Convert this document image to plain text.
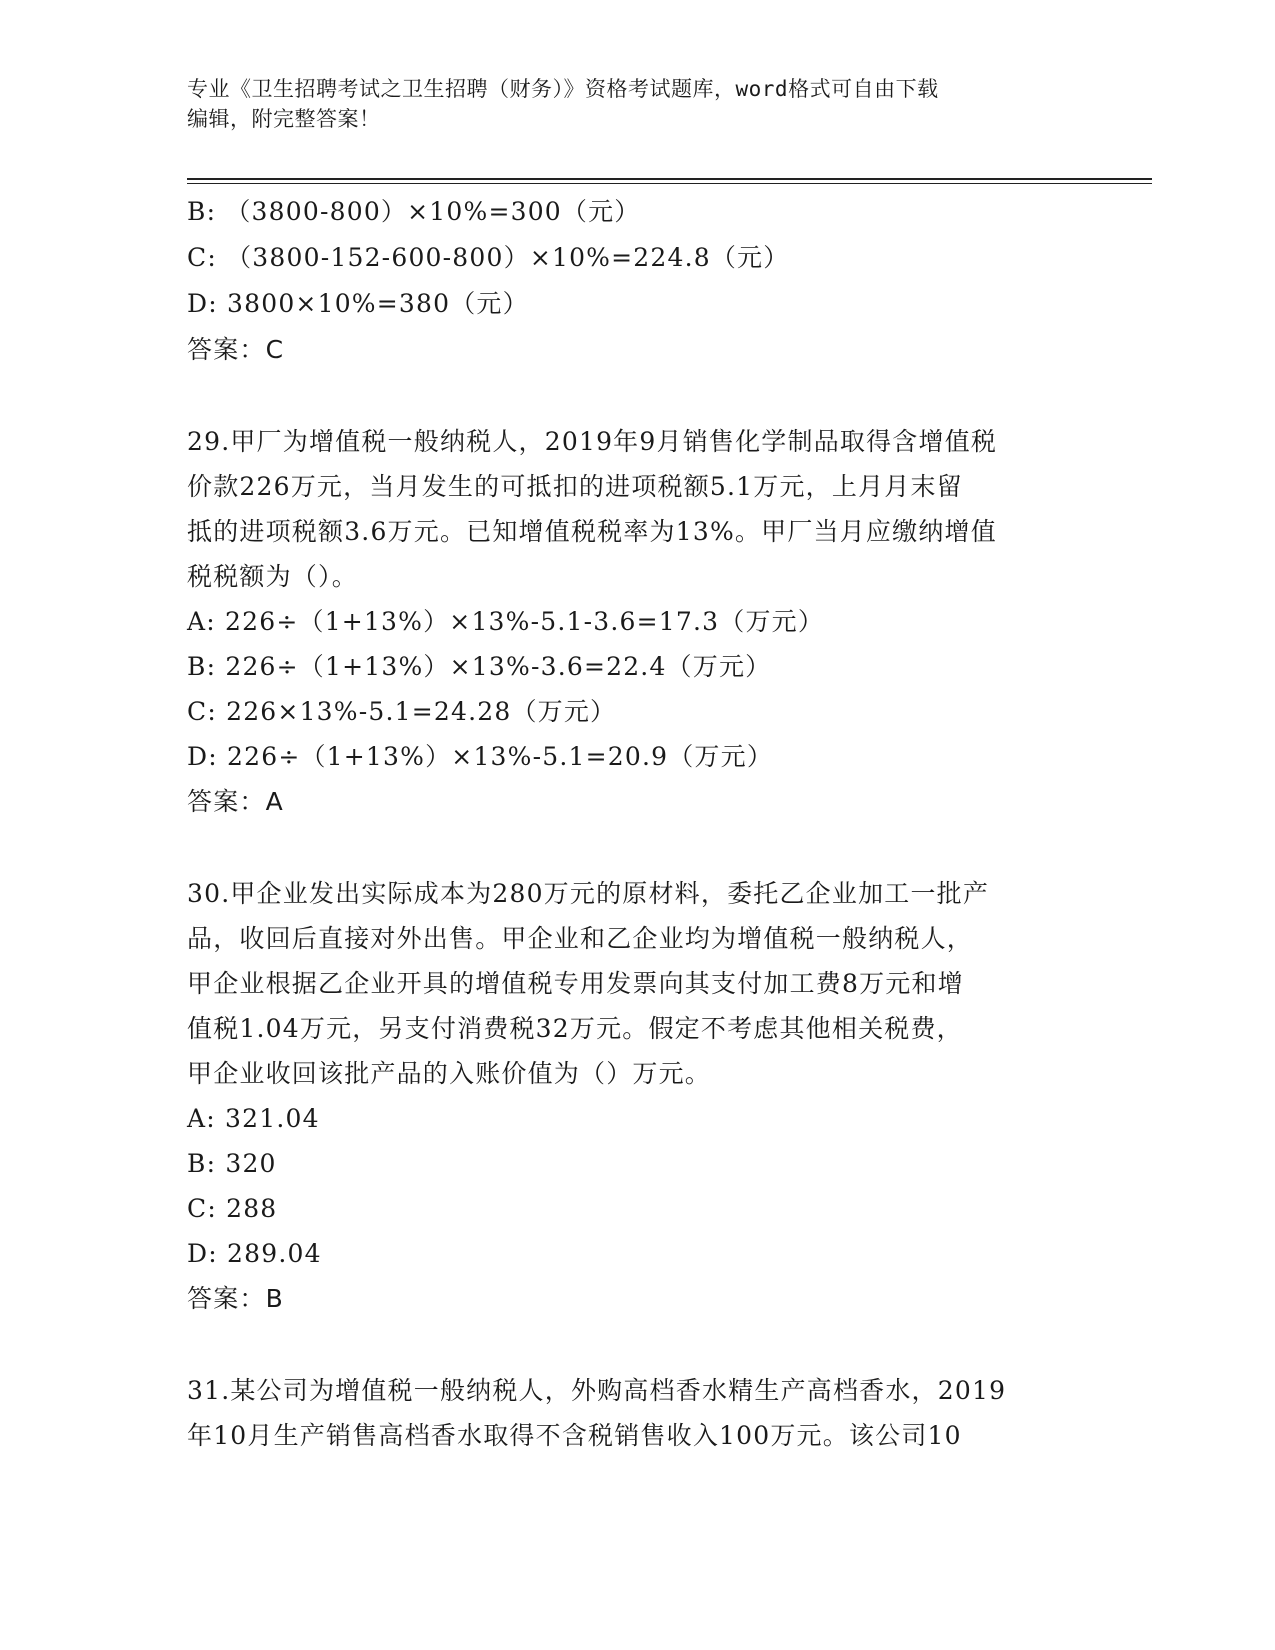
专业《卫生招聘考试之卫生招聘（财务）》资格考试题库，word格式可自由下载
编辑，附完整答案！
B: （3800-800）×10%=300（元）
C: （3800-152-600-800）×10%=224.8（元）
D: 3800×10%=380（元）
答案：C
29.甲厂为增值税一般纳税人，2019年9月销售化学制品取得含增值税
价款226万元，当月发生的可抵扣的进项税额5.1万元，上月月末留
抵的进项税额3.6万元。已知增值税税率为13%。甲厂当月应缴纳增值
税税额为（）。
A: 226÷（1+13%）×13%-5.1-3.6=17.3（万元）
B: 226÷（1+13%）×13%-3.6=22.4（万元）
C: 226×13%-5.1=24.28（万元）
D: 226÷（1+13%）×13%-5.1=20.9（万元）
答案：A
30.甲企业发出实际成本为280万元的原材料，委托乙企业加工一批产
品，收回后直接对外出售。甲企业和乙企业均为增值税一般纳税人，
甲企业根据乙企业开具的增值税专用发票向其支付加工费8万元和增
值税1.04万元，另支付消费税32万元。假定不考虑其他相关税费，
甲企业收回该批产品的入账价值为（）万元。
A: 321.04
B: 320
C: 288
D: 289.04
答案：B
31.某公司为增值税一般纳税人，外购高档香水精生产高档香水，2019
年10月生产销售高档香水取得不含税销售收入100万元。该公司10
